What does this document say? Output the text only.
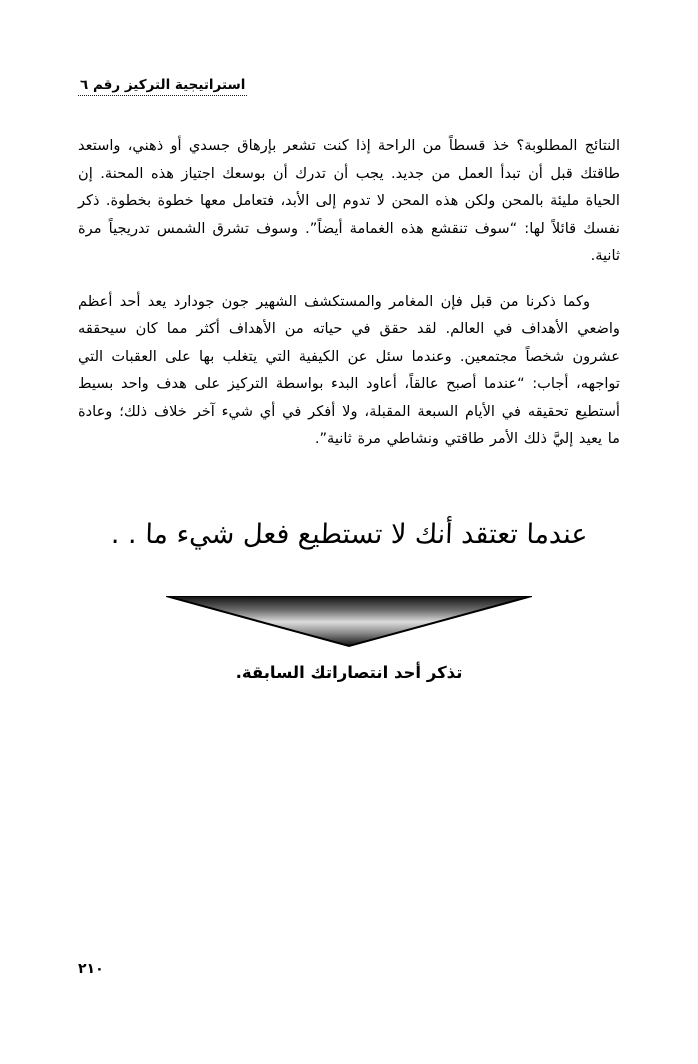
استراتيجية التركيز رقم ٦

النتائج المطلوبة؟ خذ قسطاً من الراحة إذا كنت تشعر بإرهاق جسدي أو ذهني، واستعد طاقتك قبل أن تبدأ العمل من جديد. يجب أن تدرك أن بوسعك اجتياز هذه المحنة. إن الحياة مليئة بالمحن ولكن هذه المحن لا تدوم إلى الأبد، فتعامل معها خطوة بخطوة. ذكر نفسك قائلاً لها: “سوف تنقشع هذه الغمامة أيضاً”. وسوف تشرق الشمس تدريجياً مرة ثانية.

وكما ذكرنا من قبل فإن المغامر والمستكشف الشهير جون جودارد يعد أحد أعظم واضعي الأهداف في العالم. لقد حقق في حياته من الأهداف أكثر مما كان سيحققه عشرون شخصاً مجتمعين. وعندما سئل عن الكيفية التي يتغلب بها على العقبات التي تواجهه، أجاب: “عندما أصبح عالقاً، أعاود البدء بواسطة التركيز على هدف واحد بسيط أستطيع تحقيقه في الأيام السبعة المقبلة، ولا أفكر في أي شيء آخر خلاف ذلك؛ وعادة ما يعيد إليَّ ذلك الأمر طاقتي ونشاطي مرة ثانية”.

عندما تعتقد أنك لا تستطيع فعل شيء ما . .
تذكر أحد انتصاراتك السابقة.
٢١٠
